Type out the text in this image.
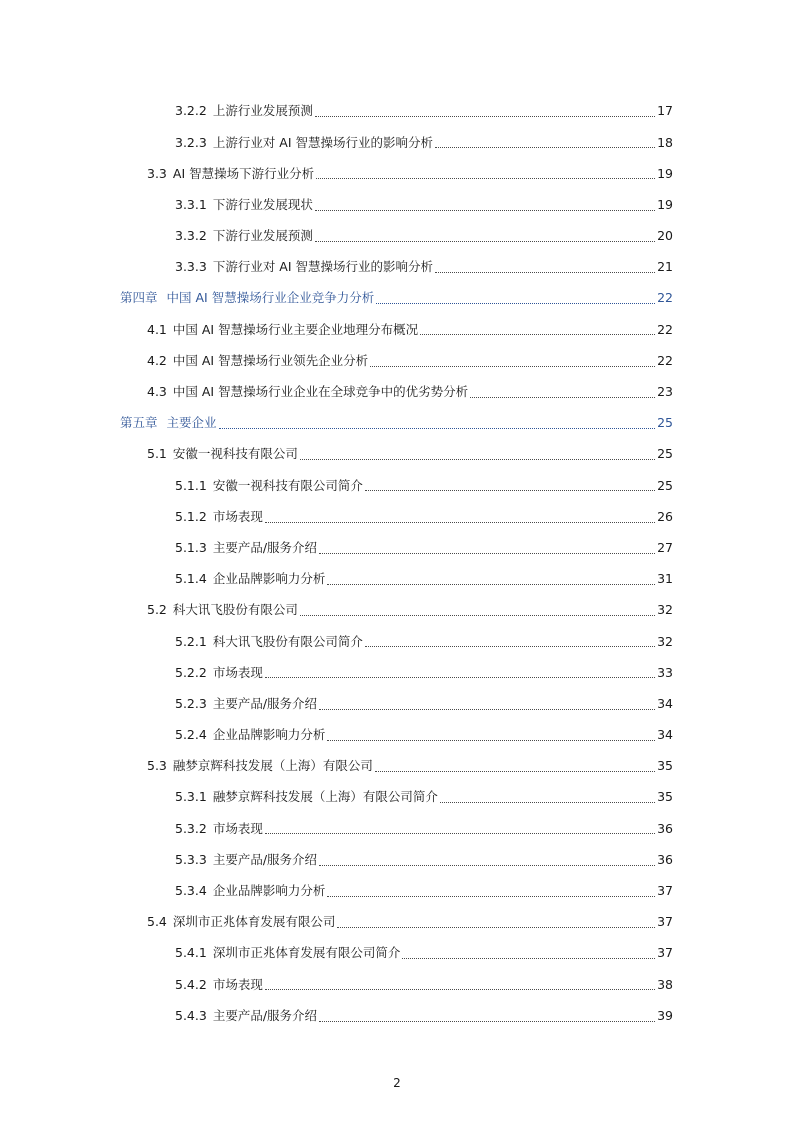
3.2.2 上游行业发展预测	17
3.2.3 上游行业对 AI 智慧操场行业的影响分析	18
3.3 AI 智慧操场下游行业分析	19
3.3.1 下游行业发展现状	19
3.3.2 下游行业发展预测	20
3.3.3 下游行业对 AI 智慧操场行业的影响分析	21
第四章 中国 AI 智慧操场行业企业竞争力分析	22
4.1 中国 AI 智慧操场行业主要企业地理分布概况	22
4.2 中国 AI 智慧操场行业领先企业分析	22
4.3 中国 AI 智慧操场行业企业在全球竞争中的优劣势分析	23
第五章 主要企业	25
5.1 安徽一视科技有限公司	25
5.1.1 安徽一视科技有限公司简介	25
5.1.2 市场表现	26
5.1.3 主要产品/服务介绍	27
5.1.4 企业品牌影响力分析	31
5.2 科大讯飞股份有限公司	32
5.2.1 科大讯飞股份有限公司简介	32
5.2.2 市场表现	33
5.2.3 主要产品/服务介绍	34
5.2.4 企业品牌影响力分析	34
5.3 融梦京辉科技发展（上海）有限公司	35
5.3.1 融梦京辉科技发展（上海）有限公司简介	35
5.3.2 市场表现	36
5.3.3 主要产品/服务介绍	36
5.3.4 企业品牌影响力分析	37
5.4 深圳市正兆体育发展有限公司	37
5.4.1 深圳市正兆体育发展有限公司简介	37
5.4.2 市场表现	38
5.4.3 主要产品/服务介绍	39
2
